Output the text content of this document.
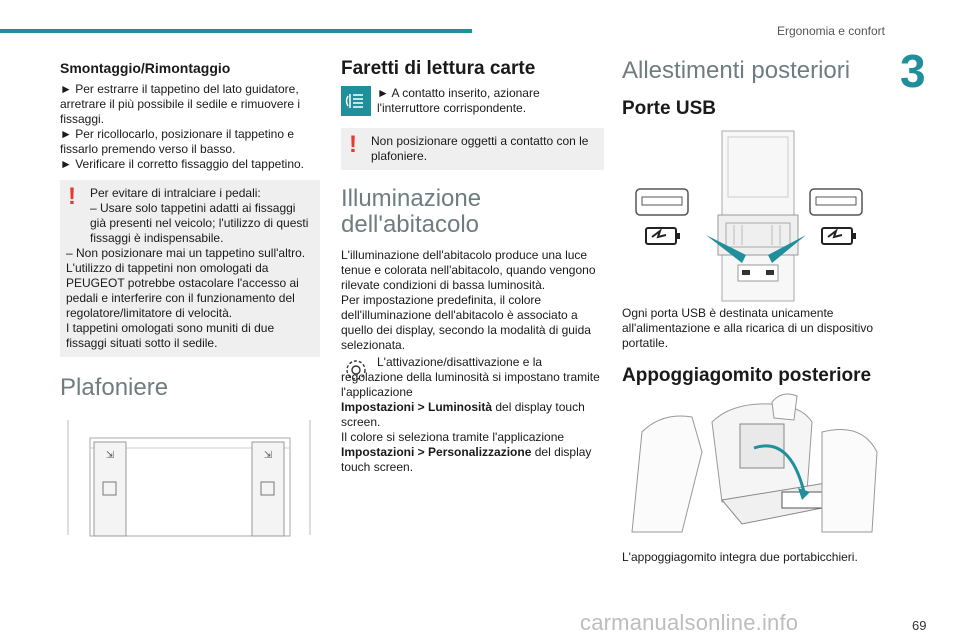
Ergonomia e confort
3
Smontaggio/Rimontaggio

► Per estrarre il tappetino del lato guidatore, arretrare il più possibile il sedile e rimuovere i fissaggi.

► Per ricollocarlo, posizionare il tappetino e fissarlo premendo verso il basso.

► Verificare il corretto fissaggio del tappetino.

!	Per evitare di intralciare i pedali:

– Usare solo tappetini adatti ai fissaggi già presenti nel veicolo; l'utilizzo di questi fissaggi è indispensabile.

– Non posizionare mai un tappetino sull'altro.

L'utilizzo di tappetini non omologati da PEUGEOT potrebbe ostacolare l'accesso ai pedali e interferire con il funzionamento del regolatore/limitatore di velocità.

I tappetini omologati sono muniti di due fissaggi situati sotto il sedile.

Plafoniere
⇲	⇲
Faretti di lettura carte

► A contatto inserito, azionare l'interruttore corrispondente.

! Non posizionare oggetti a contatto con le plafoniere.

Illuminazione dell'abitacolo

L'illuminazione dell'abitacolo produce una luce tenue e colorata nell'abitacolo, quando vengono rilevate condizioni di bassa luminosità.

Per impostazione predefinita, il colore dell'illuminazione dell'abitacolo è associato a quello dei display, secondo la modalità di guida selezionata.

L'attivazione/disattivazione e la regolazione della luminosità si impostano tramite l'applicazione
Impostazioni > Luminosità del display touch screen.

Il colore si seleziona tramite l'applicazione
Impostazioni > Personalizzazione del display touch screen.

Allestimenti posteriori
Porte USB

Ogni porta USB è destinata unicamente all'alimentazione e alla ricarica di un dispositivo portatile.

Appoggiagomito posteriore

L'appoggiagomito integra due portabicchieri.

69
carmanualsonline.info
